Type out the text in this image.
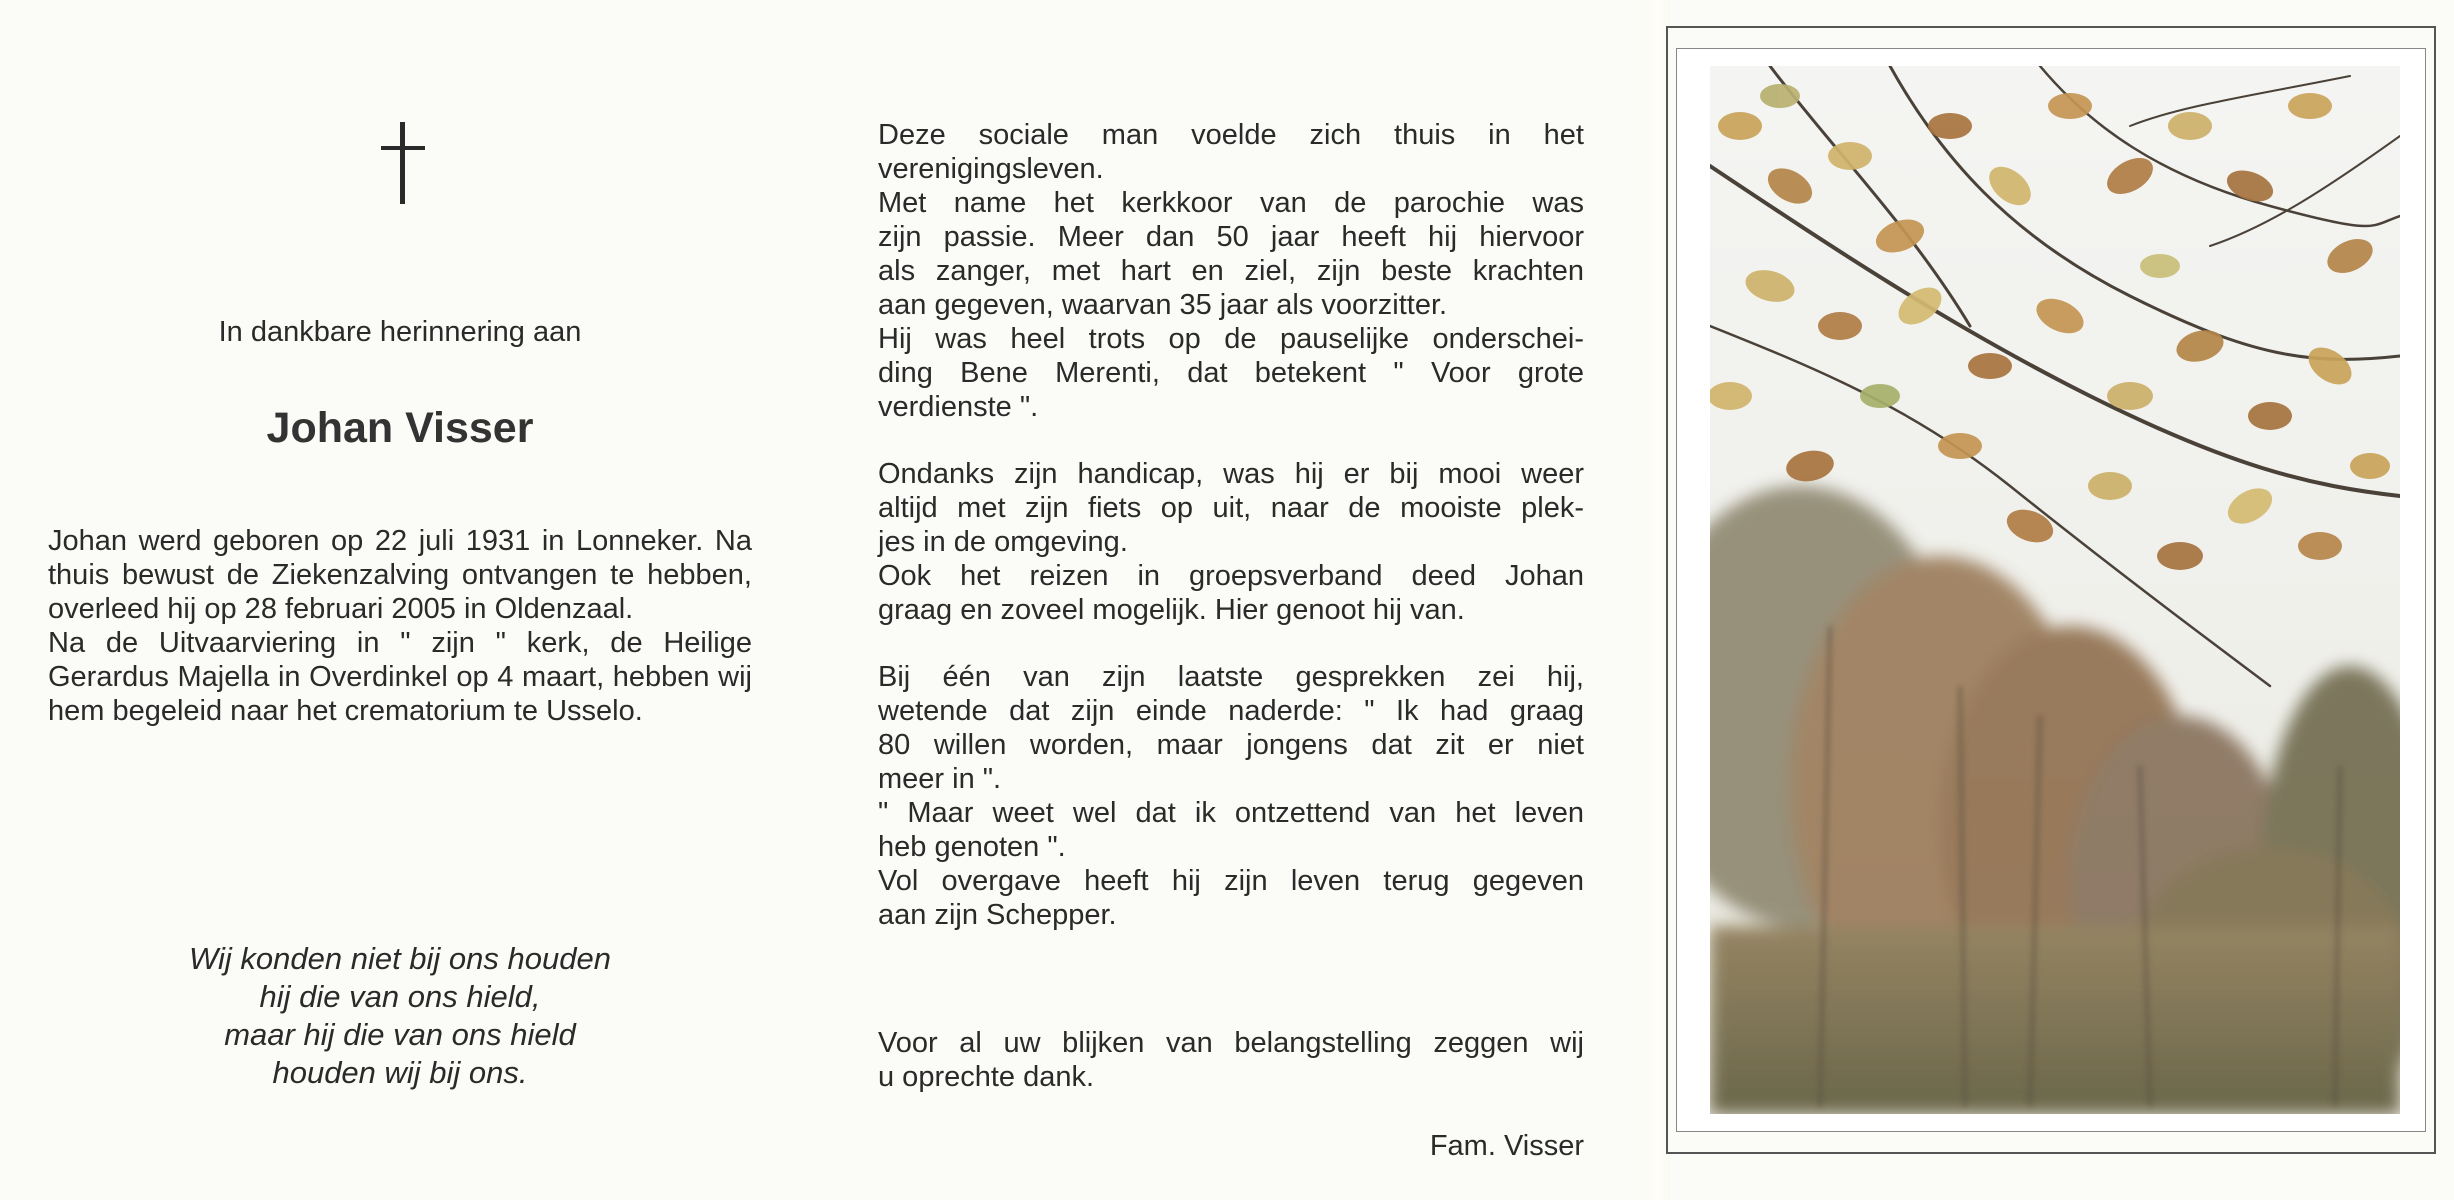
In dankbare herinnering aan
Johan Visser

Johan werd geboren op 22 juli 1931 in Lonneker. Na thuis bewust de Ziekenzalving ontvangen te hebben, overleed hij op 28 februari 2005 in Oldenzaal.

Na de Uitvaarviering in " zijn " kerk, de Heilige Gerardus Majella in Overdinkel op 4 maart, hebben wij hem begeleid naar het crematorium te Usselo.

Wij konden niet bij ons houden
hij die van ons hield,
maar hij die van ons hield
houden wij bij ons.
Deze sociale man voelde zich thuis in het
verenigingsleven.
Met name het kerkkoor van de parochie was
zijn passie. Meer dan 50 jaar heeft hij hiervoor
als zanger, met hart en ziel, zijn beste krachten
aan gegeven, waarvan 35 jaar als voorzitter.
Hij was heel trots op de pauselijke onderschei-
ding Bene Merenti, dat betekent " Voor grote
verdienste ".
Ondanks zijn handicap, was hij er bij mooi weer
altijd met zijn fiets op uit, naar de mooiste plek-
jes in de omgeving.
Ook het reizen in groepsverband deed Johan
graag en zoveel mogelijk. Hier genoot hij van.
Bij één van zijn laatste gesprekken zei hij,
wetende dat zijn einde naderde: " Ik had graag
80 willen worden, maar jongens dat zit er niet
meer in ".
" Maar weet wel dat ik ontzettend van het leven
heb genoten ".
Vol overgave heeft hij zijn leven terug gegeven
aan zijn Schepper.
Voor al uw blijken van belangstelling zeggen wij
u oprechte dank.
Fam. Visser
